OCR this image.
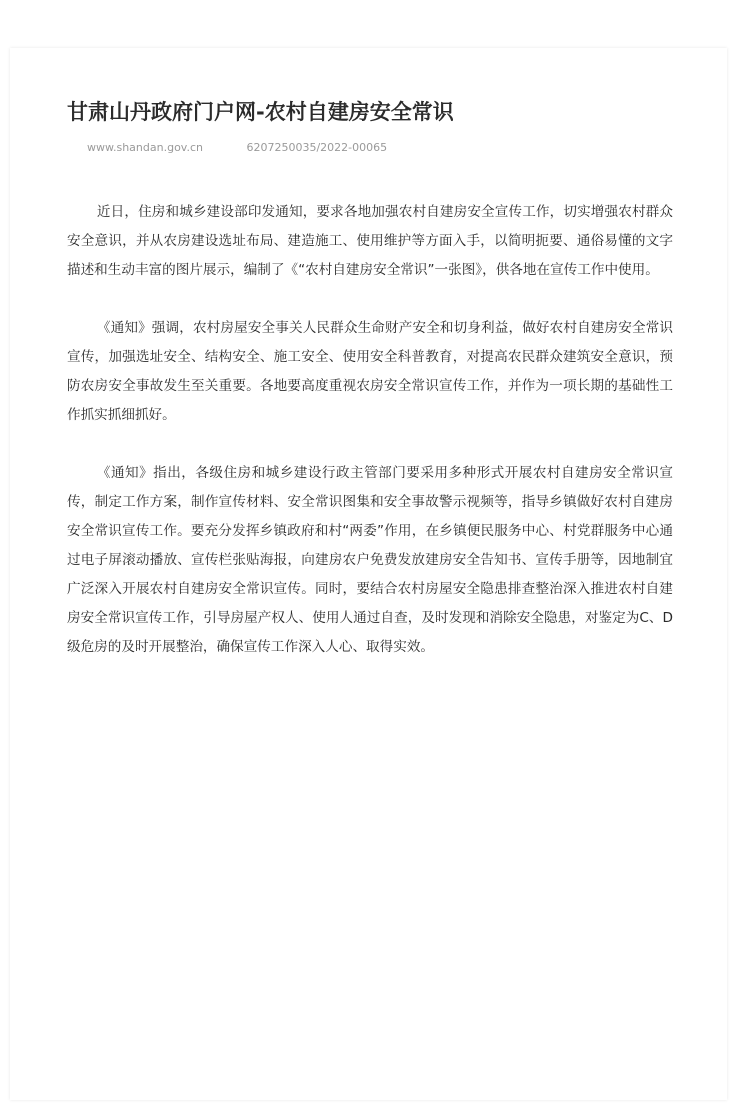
甘肃山丹政府门户网-农村自建房安全常识
www.shandan.gov.cn	6207250035/2022-00065

近日，住房和城乡建设部印发通知，要求各地加强农村自建房安全宣传工作，切实增强农村群众安全意识，并从农房建设选址布局、建造施工、使用维护等方面入手，以简明扼要、通俗易懂的文字描述和生动丰富的图片展示，编制了《“农村自建房安全常识”一张图》，供各地在宣传工作中使用。

《通知》强调，农村房屋安全事关人民群众生命财产安全和切身利益，做好农村自建房安全常识宣传，加强选址安全、结构安全、施工安全、使用安全科普教育，对提高农民群众建筑安全意识，预防农房安全事故发生至关重要。各地要高度重视农房安全常识宣传工作，并作为一项长期的基础性工作抓实抓细抓好。

《通知》指出，各级住房和城乡建设行政主管部门要采用多种形式开展农村自建房安全常识宣传，制定工作方案，制作宣传材料、安全常识图集和安全事故警示视频等，指导乡镇做好农村自建房安全常识宣传工作。要充分发挥乡镇政府和村“两委”作用，在乡镇便民服务中心、村党群服务中心通过电子屏滚动播放、宣传栏张贴海报，向建房农户免费发放建房安全告知书、宣传手册等，因地制宜广泛深入开展农村自建房安全常识宣传。同时，要结合农村房屋安全隐患排查整治深入推进农村自建房安全常识宣传工作，引导房屋产权人、使用人通过自查，及时发现和消除安全隐患，对鉴定为C、D级危房的及时开展整治，确保宣传工作深入人心、取得实效。
